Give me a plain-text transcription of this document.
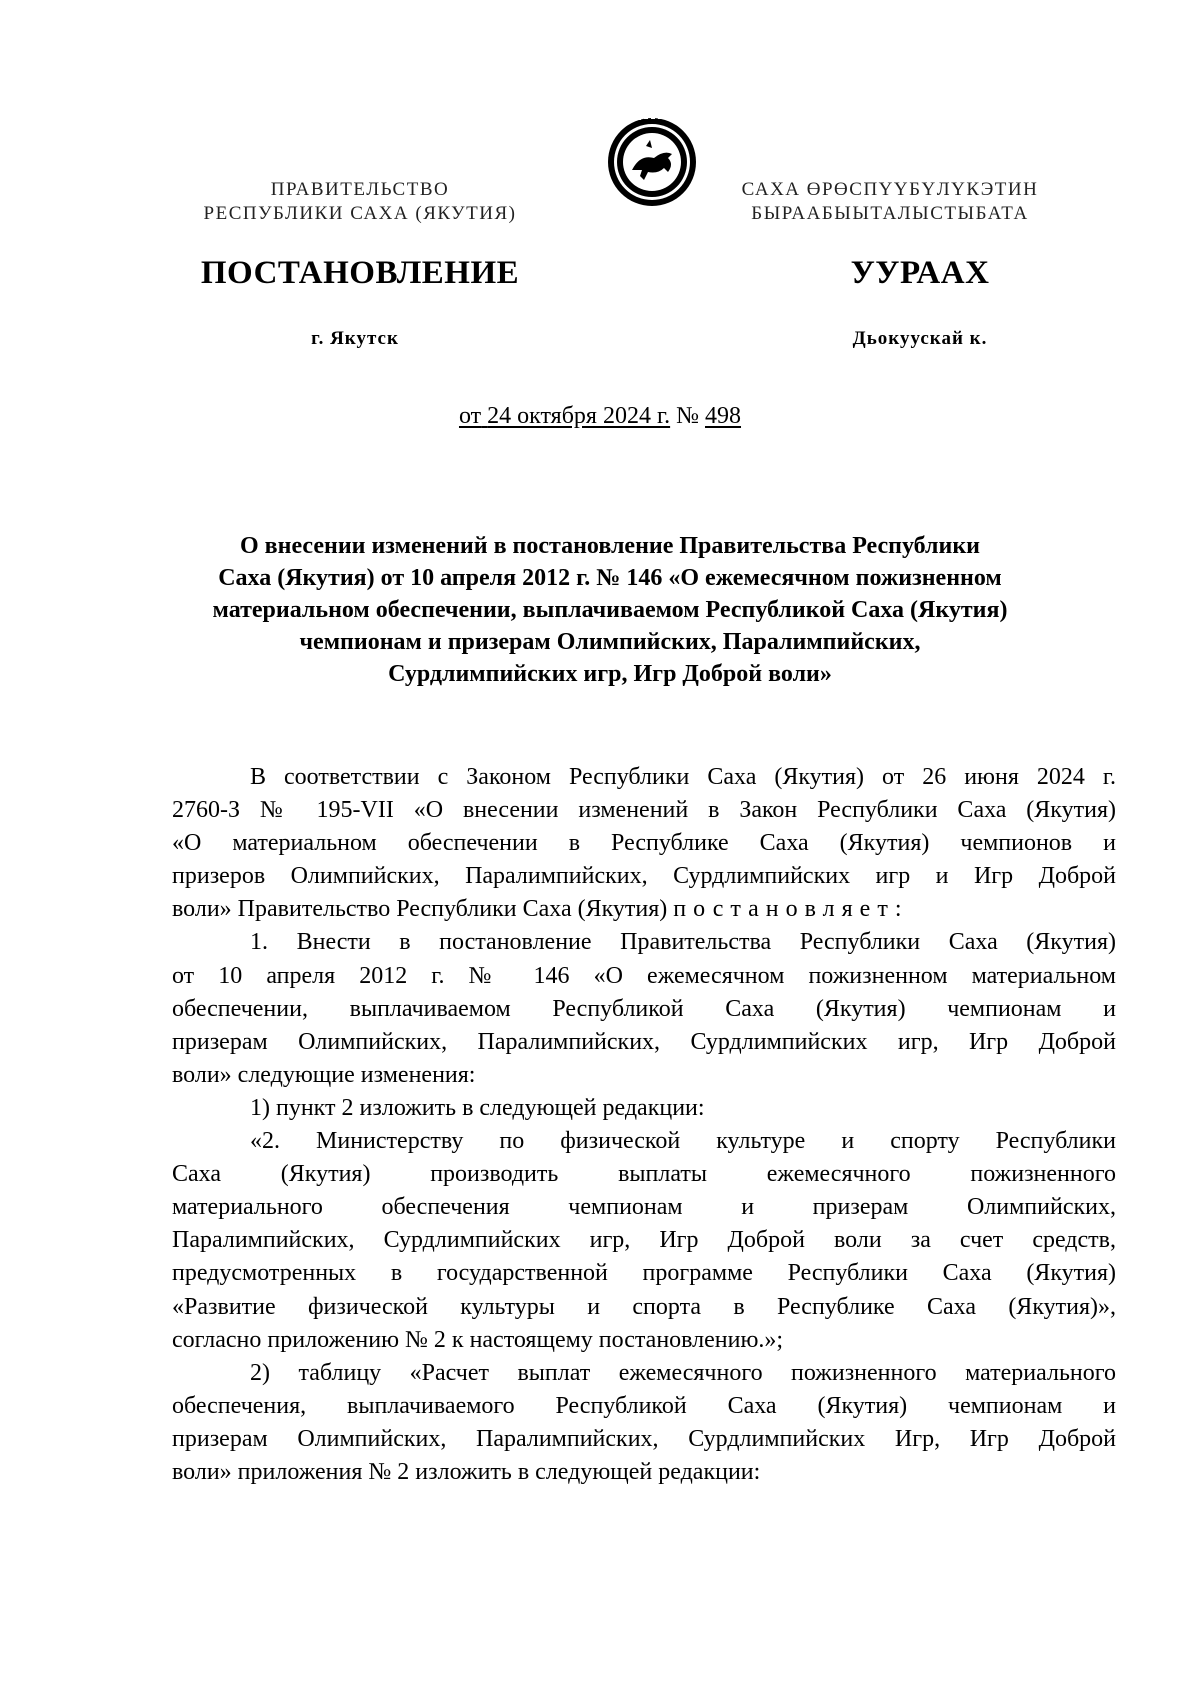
ПРАВИТЕЛЬСТВО
РЕСПУБЛИКИ САХА (ЯКУТИЯ)
САХА ӨРӨСПҮҮБҮЛҮКЭТИН
БЫРААБЫЫТАЛЫСТЫБАТА
ПОСТАНОВЛЕНИЕ	УУРААХ
г. Якутск	Дьокуускай к.
от 24 октября 2024 г. № 498
О внесении изменений в постановление Правительства Республики
Саха (Якутия) от 10 апреля 2012 г. № 146 «О ежемесячном пожизненном
материальном обеспечении, выплачиваемом Республикой Саха (Якутия)
чемпионам и призерам Олимпийских, Паралимпийских,
Сурдлимпийских игр, Игр Доброй воли»
В соответствии с Законом Республики Саха (Якутия) от 26 июня 2024 г.
2760-З № 195-VII «О внесении изменений в Закон Республики Саха (Якутия)
«О материальном обеспечении в Республике Саха (Якутия) чемпионов и
призеров Олимпийских, Паралимпийских, Сурдлимпийских игр и Игр Доброй
воли» Правительство Республики Саха (Якутия) постановляет:
1. Внести в постановление Правительства Республики Саха (Якутия)
от 10 апреля 2012 г. № 146 «О ежемесячном пожизненном материальном
обеспечении, выплачиваемом Республикой Саха (Якутия) чемпионам и
призерам Олимпийских, Паралимпийских, Сурдлимпийских игр, Игр Доброй
воли» следующие изменения:
1) пункт 2 изложить в следующей редакции:
«2. Министерству по физической культуре и спорту Республики
Саха (Якутия) производить выплаты ежемесячного пожизненного
материального обеспечения чемпионам и призерам Олимпийских,
Паралимпийских, Сурдлимпийских игр, Игр Доброй воли за счет средств,
предусмотренных в государственной программе Республики Саха (Якутия)
«Развитие физической культуры и спорта в Республике Саха (Якутия)»,
согласно приложению № 2 к настоящему постановлению.»;
2) таблицу «Расчет выплат ежемесячного пожизненного материального
обеспечения, выплачиваемого Республикой Саха (Якутия) чемпионам и
призерам Олимпийских, Паралимпийских, Сурдлимпийских Игр, Игр Доброй
воли» приложения № 2 изложить в следующей редакции:
